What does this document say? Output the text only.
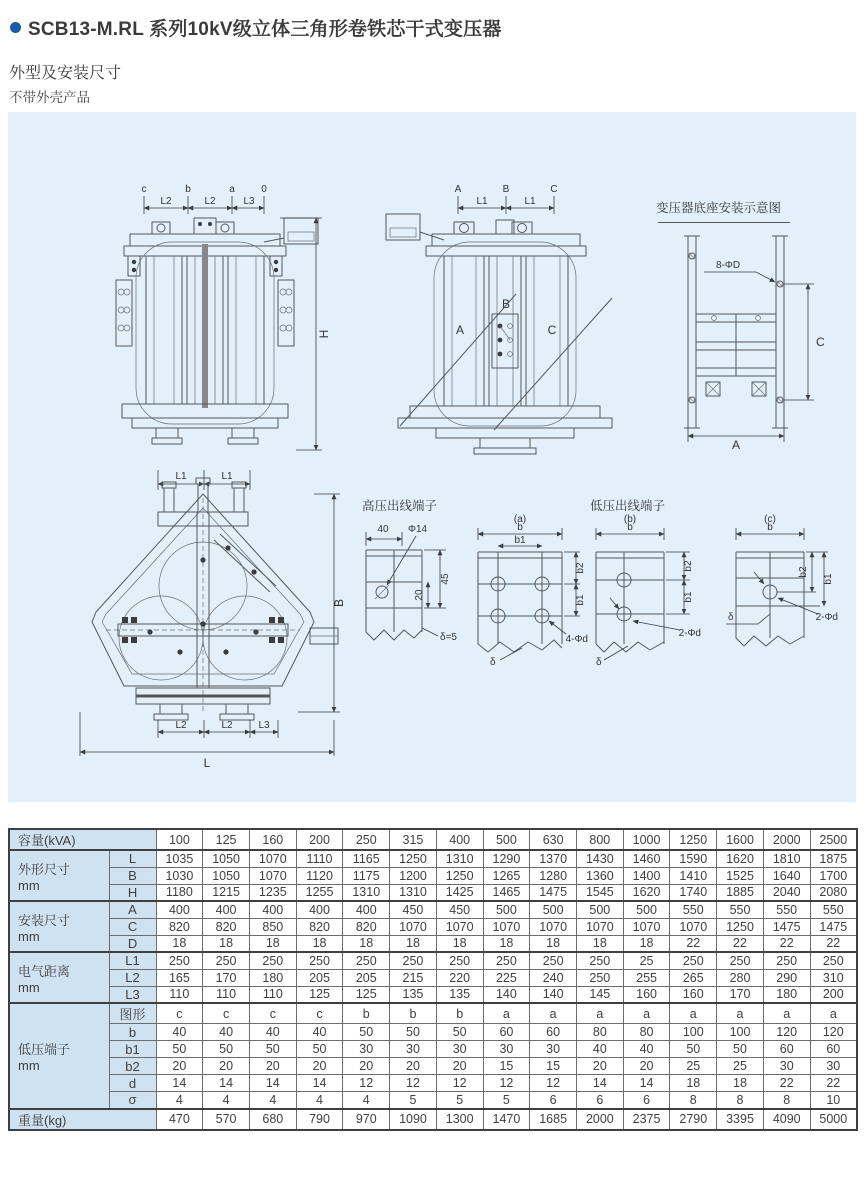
SCB13-M.RL 系列10kV级立体三角形卷铁芯干式变压器
外型及安装尺寸
不带外壳产品
c	b	a	0
L2	L2	L3
H
A	B	C
L1	L1
A
B
C
变压器底座安装示意图
8-ΦD
C
A
L1	L1
B
L2	L2	L3
L
高压出线端子
40 Φ14
45
20
δ=5
(a)
b
b1
b2
b1
4-Φd
δ
低压出线端子
(b)
b
b2
b1
2-Φd
δ
(c)
b
b2
b1
2-Φd
δ
容量(kVA)		100	125	160	200	250	315	400	500	630	800	1000	1250	1600	2000	2500

外形尺寸
mm	L	1035	1050	1070	1110	1165	1250	1310	1290	1370	1430	1460	1590	1620	1810	1875
	B	1030	1050	1070	1120	1175	1200	1250	1265	1280	1360	1400	1410	1525	1640	1700
	H	1180	1215	1235	1255	1310	1310	1425	1465	1475	1545	1620	1740	1885	2040	2080

安装尺寸
mm	A	400	400	400	400	400	450	450	500	500	500	500	550	550	550	550
	C	820	820	850	820	820	1070	1070	1070	1070	1070	1070	1070	1250	1475	1475
	D	18	18	18	18	18	18	18	18	18	18	18	22	22	22	22

电气距离
mm	L1	250	250	250	250	250	250	250	250	250	250	25	250	250	250	250
	L2	165	170	180	205	205	215	220	225	240	250	255	265	280	290	310
	L3	110	110	110	125	125	135	135	140	140	145	160	160	170	180	200

低压端子
mm	图形	c	c	c	c	b	b	b	a	a	a	a	a	a	a	a
	b	40	40	40	40	50	50	50	60	60	80	80	100	100	120	120
	b1	50	50	50	50	30	30	30	30	30	40	40	50	50	60	60
	b2	20	20	20	20	20	20	20	15	15	20	20	25	25	30	30
	d	14	14	14	14	12	12	12	12	12	14	14	18	18	22	22
	σ	4	4	4	4	4	5	5	5	6	6	6	8	8	8	10
重量(kg)		470	570	680	790	970	1090	1300	1470	1685	2000	2375	2790	3395	4090	5000
